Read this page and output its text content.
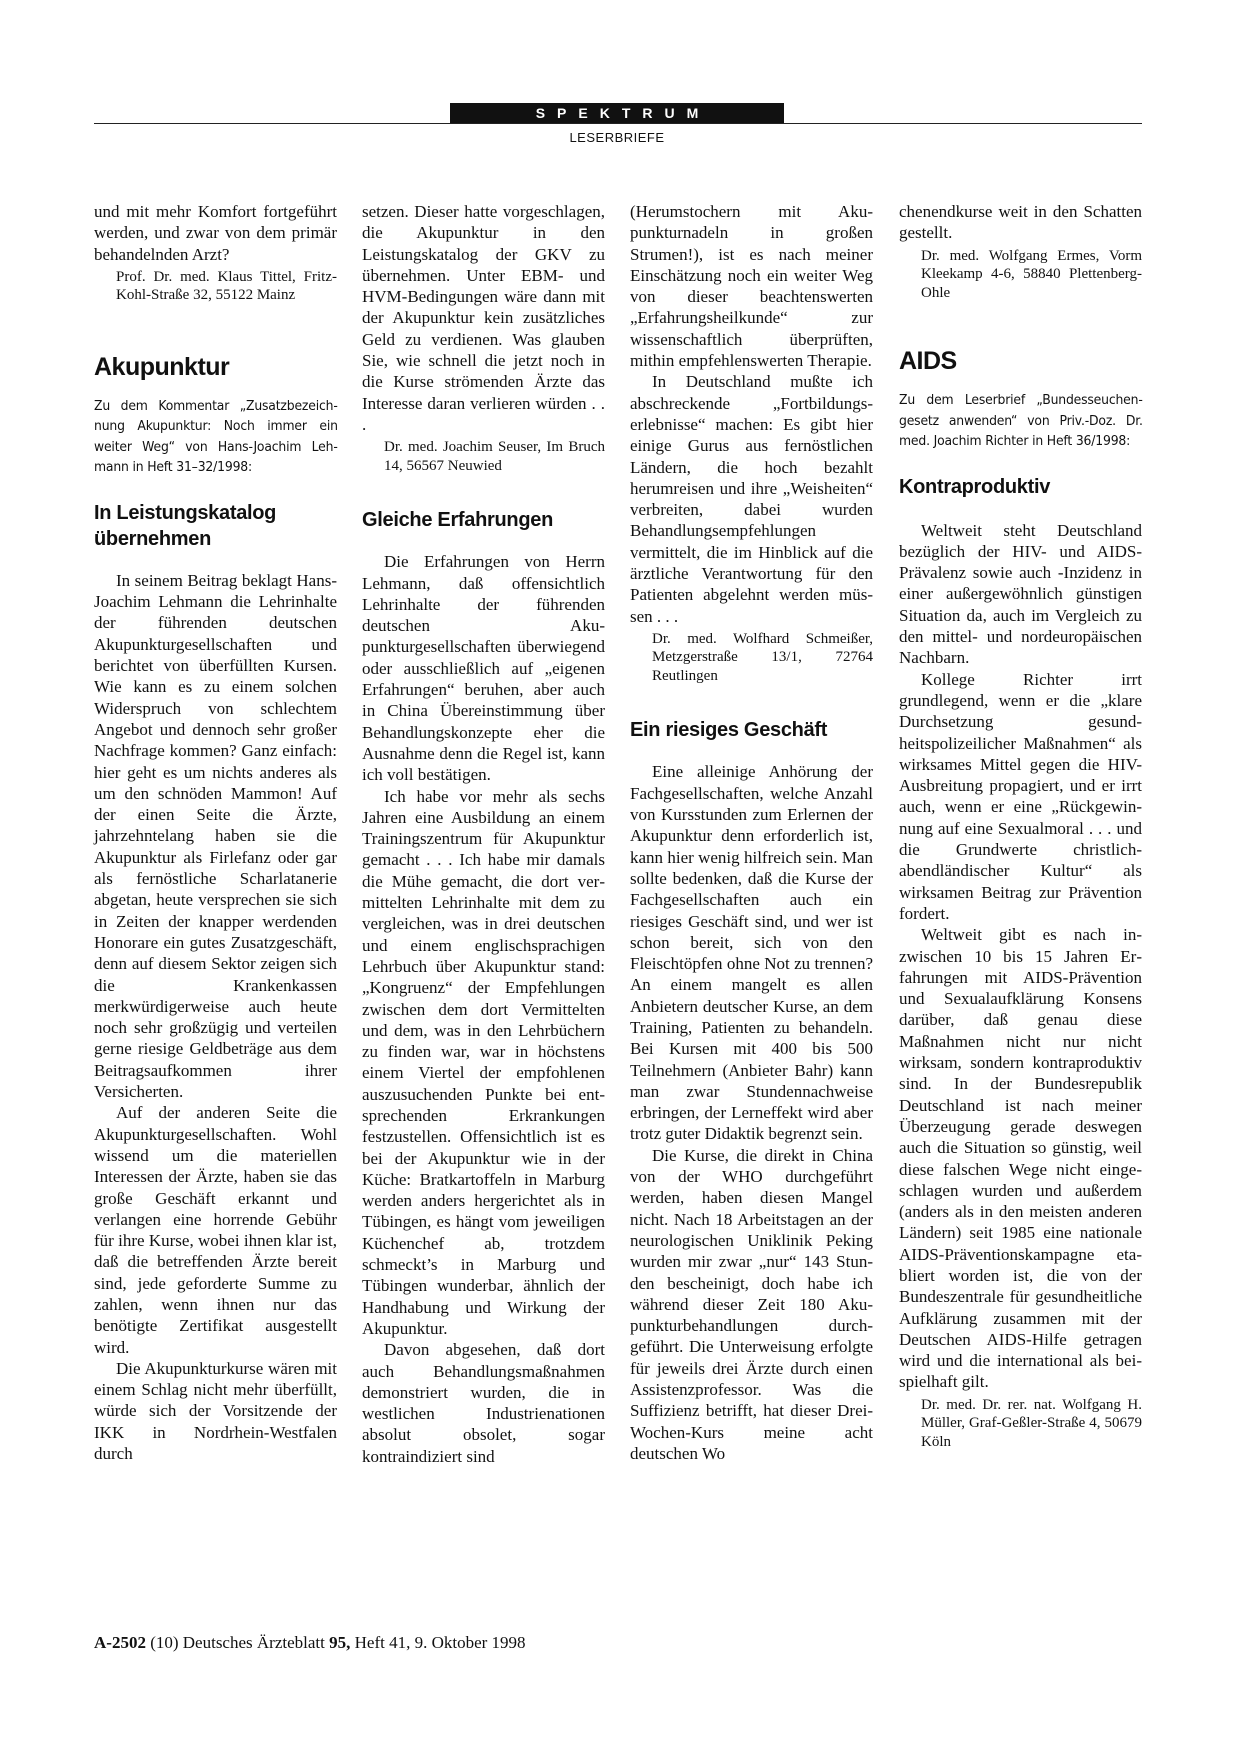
SPEKTRUM
LESERBRIEFE

und mit mehr Komfort fortgeführt werden, und zwar von dem primär behandelnden Arzt?

Prof. Dr. med. Klaus Tittel, Fritz-Kohl-Straße 32, 55122 Mainz

Akupunktur

Zu dem Kommentar „Zusatzbezeichnung Akupunktur: Noch immer ein weiter Weg“ von Hans-Joachim Lehmann in Heft 31–32/1998:

In Leistungskatalog übernehmen

In seinem Beitrag beklagt Hans-Joachim Lehmann die Lehrinhalte der führenden deutschen Akupunkturgesellschaften und berichtet von überfüllten Kursen. Wie kann es zu einem solchen Widerspruch von schlechtem Angebot und dennoch sehr großer Nachfrage kommen? Ganz einfach: hier geht es um nichts anderes als um den schnöden Mammon! Auf der einen Seite die Ärzte, jahrzehntelang haben sie die Akupunktur als Firlefanz oder gar als fernöstliche Scharlatanerie abgetan, heute versprechen sie sich in Zeiten der knapper werdenden Honorare ein gutes Zusatzgeschäft, denn auf diesem Sektor zeigen sich die Krankenkassen merkwürdigerweise auch heute noch sehr großzügig und verteilen gerne riesige Geldbeträge aus dem Beitragsaufkommen ihrer Versicherten.

Auf der anderen Seite die Akupunkturgesellschaften. Wohl wissend um die materiellen Interessen der Ärzte, haben sie das große Geschäft erkannt und verlangen eine horrende Gebühr für ihre Kurse, wobei ihnen klar ist, daß die betreffenden Ärzte bereit sind, jede geforderte Summe zu zahlen, wenn ihnen nur das benötigte Zertifikat ausgestellt wird.

Die Akupunkturkurse wären mit einem Schlag nicht mehr überfüllt, würde sich der Vorsitzende der IKK in Nordrhein-Westfalen durch

setzen. Dieser hatte vorgeschlagen, die Akupunktur in den Leistungskatalog der GKV zu übernehmen. Unter EBM- und HVM-Bedingungen wäre dann mit der Akupunktur kein zusätzliches Geld zu verdienen. Was glauben Sie, wie schnell die jetzt noch in die Kurse strömenden Ärzte das Interesse daran verlieren würden . . .

Dr. med. Joachim Seuser, Im Bruch 14, 56567 Neuwied

Gleiche Erfahrungen

Die Erfahrungen von Herrn Lehmann, daß offensichtlich Lehrinhalte der führenden deutschen Akupunkturgesellschaften überwiegend oder ausschließlich auf „eigenen Erfahrungen“ beruhen, aber auch in China Übereinstimmung über Behandlungskonzepte eher die Ausnahme denn die Regel ist, kann ich voll bestätigen.

Ich habe vor mehr als sechs Jahren eine Ausbildung an einem Trainingszentrum für Akupunktur gemacht . . . Ich habe mir damals die Mühe gemacht, die dort vermittelten Lehrinhalte mit dem zu vergleichen, was in drei deutschen und einem englischsprachigen Lehrbuch über Akupunktur stand: „Kongruenz“ der Empfehlungen zwischen dem dort Vermittelten und dem, was in den Lehrbüchern zu finden war, war in höchstens einem Viertel der empfohlenen auszusuchenden Punkte bei entsprechenden Erkrankungen festzustellen. Offensichtlich ist es bei der Akupunktur wie in der Küche: Bratkartoffeln in Marburg werden anders hergerichtet als in Tübingen, es hängt vom jeweiligen Küchenchef ab, trotzdem schmeckt’s in Marburg und Tübingen wunderbar, ähnlich der Handhabung und Wirkung der Akupunktur.

Davon abgesehen, daß dort auch Behandlungsmaßnahmen demonstriert wurden, die in westlichen Industrienationen absolut obsolet, sogar kontraindiziert sind

(Herumstochern mit Akupunkturnadeln in großen Strumen!), ist es nach meiner Einschätzung noch ein weiter Weg von dieser beachtenswerten „Erfahrungsheilkunde“ zur wissenschaftlich überprüften, mithin empfehlenswerten Therapie.

In Deutschland mußte ich abschreckende „Fortbildungserlebnisse“ machen: Es gibt hier einige Gurus aus fernöstlichen Ländern, die hoch bezahlt herumreisen und ihre „Weisheiten“ verbreiten, dabei wurden Behandlungsempfehlungen vermittelt, die im Hinblick auf die ärztliche Verantwortung für den Patienten abgelehnt werden müssen . . .

Dr. med. Wolfhard Schmeißer, Metzgerstraße 13/1, 72764 Reutlingen

Ein riesiges Geschäft

Eine alleinige Anhörung der Fachgesellschaften, welche Anzahl von Kursstunden zum Erlernen der Akupunktur denn erforderlich ist, kann hier wenig hilfreich sein. Man sollte bedenken, daß die Kurse der Fachgesellschaften auch ein riesiges Geschäft sind, und wer ist schon bereit, sich von den Fleischtöpfen ohne Not zu trennen? An einem mangelt es allen Anbietern deutscher Kurse, an dem Training, Patienten zu behandeln. Bei Kursen mit 400 bis 500 Teilnehmern (Anbieter Bahr) kann man zwar Stundennachweise erbringen, der Lerneffekt wird aber trotz guter Didaktik begrenzt sein.

Die Kurse, die direkt in China von der WHO durchgeführt werden, haben diesen Mangel nicht. Nach 18 Arbeitstagen an der neurologischen Uniklinik Peking wurden mir zwar „nur“ 143 Stunden bescheinigt, doch habe ich während dieser Zeit 180 Akupunkturbehandlungen durchgeführt. Die Unterweisung erfolgte für jeweils drei Ärzte durch einen Assistenzprofessor. Was die Suffizienz betrifft, hat dieser Drei-Wochen-Kurs meine acht deutschen Wo

chenendkurse weit in den Schatten gestellt.

Dr. med. Wolfgang Ermes, Vorm Kleekamp 4-6, 58840 Plettenberg-Ohle

AIDS

Zu dem Leserbrief „Bundesseuchengesetz anwenden“ von Priv.-Doz. Dr. med. Joachim Richter in Heft 36/1998:

Kontraproduktiv

Weltweit steht Deutschland bezüglich der HIV- und AIDS-Prävalenz sowie auch -Inzidenz in einer außergewöhnlich günstigen Situation da, auch im Vergleich zu den mittel- und nordeuropäischen Nachbarn.

Kollege Richter irrt grundlegend, wenn er die „klare Durchsetzung gesundheitspolizeilicher Maßnahmen“ als wirksames Mittel gegen die HIV-Ausbreitung propagiert, und er irrt auch, wenn er eine „Rückgewinnung auf eine Sexualmoral . . . und die Grundwerte christlich-abendländischer Kultur“ als wirksamen Beitrag zur Prävention fordert.

Weltweit gibt es nach inzwischen 10 bis 15 Jahren Erfahrungen mit AIDS-Prävention und Sexualaufklärung Konsens darüber, daß genau diese Maßnahmen nicht nur nicht wirksam, sondern kontraproduktiv sind. In der Bundesrepublik Deutschland ist nach meiner Überzeugung gerade deswegen auch die Situation so günstig, weil diese falschen Wege nicht eingeschlagen wurden und außerdem (anders als in den meisten anderen Ländern) seit 1985 eine nationale AIDS-Präventionskampagne etabliert worden ist, die von der Bundeszentrale für gesundheitliche Aufklärung zusammen mit der Deutschen AIDS-Hilfe getragen wird und die international als beispielhaft gilt.

Dr. med. Dr. rer. nat. Wolfgang H. Müller, Graf-Geßler-Straße 4, 50679 Köln

A-2502 (10) Deutsches Ärzteblatt 95, Heft 41, 9. Oktober 1998
